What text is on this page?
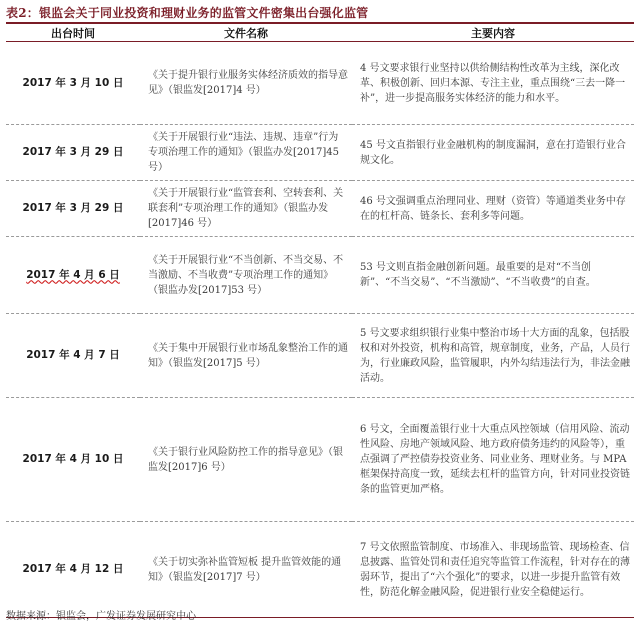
表2：银监会关于同业投资和理财业务的监管文件密集出台强化监管
出台时间	文件名称	主要内容
2017 年 3 月 10 日	《关于提升银行业服务实体经济质效的指导意见》（银监发[2017]4 号）	4 号文要求银行业坚持以供给侧结构性改革为主线，深化改革、积极创新、回归本源、专注主业，重点围绕“三去一降一补”，进一步提高服务实体经济的能力和水平。
2017 年 3 月 29 日	《关于开展银行业“违法、违规、违章”行为专项治理工作的通知》（银监办发[2017]45 号）	45 号文直指银行业金融机构的制度漏洞，意在打造银行业合规文化。
2017 年 3 月 29 日	《关于开展银行业“监管套利、空转套利、关联套利”专项治理工作的通知》（银监办发[2017]46 号）	46 号文强调重点治理同业、理财（资管）等通道类业务中存在的杠杆高、链条长、套利多等问题。
2017 年 4 月 6 日	《关于开展银行业“不当创新、不当交易、不当激励、不当收费”专项治理工作的通知》（银监办发[2017]53 号）	53 号文则直指金融创新问题。最重要的是对“不当创新”、“不当交易”、“不当激励”、“不当收费”的自查。
2017 年 4 月 7 日	《关于集中开展银行业市场乱象整治工作的通知》（银监发[2017]5 号）	5 号文要求组织银行业集中整治市场十大方面的乱象，包括股权和对外投资，机构和高管，规章制度，业务，产品，人员行为，行业廉政风险，监管履职，内外勾结违法行为，非法金融活动。
2017 年 4 月 10 日	《关于银行业风险防控工作的指导意见》（银监发[2017]6 号）	6 号文，全面覆盖银行业十大重点风控领域（信用风险、流动性风险、房地产领域风险、地方政府债务违约的风险等），重点强调了严控债券投资业务、同业业务、理财业务。与 MPA 框架保持高度一致，延续去杠杆的监管方向，针对同业投资链条的监管更加严格。
2017 年 4 月 12 日	《关于切实弥补监管短板 提升监管效能的通知》（银监发[2017]7 号）	7 号文依照监管制度、市场准入、非现场监管、现场检查、信息披露、监管处罚和责任追究等监管工作流程，针对存在的薄弱环节，提出了“六个强化”的要求，以进一步提升监管有效性，防范化解金融风险，促进银行业安全稳健运行。
数据来源：银监会，广发证券发展研究中心
